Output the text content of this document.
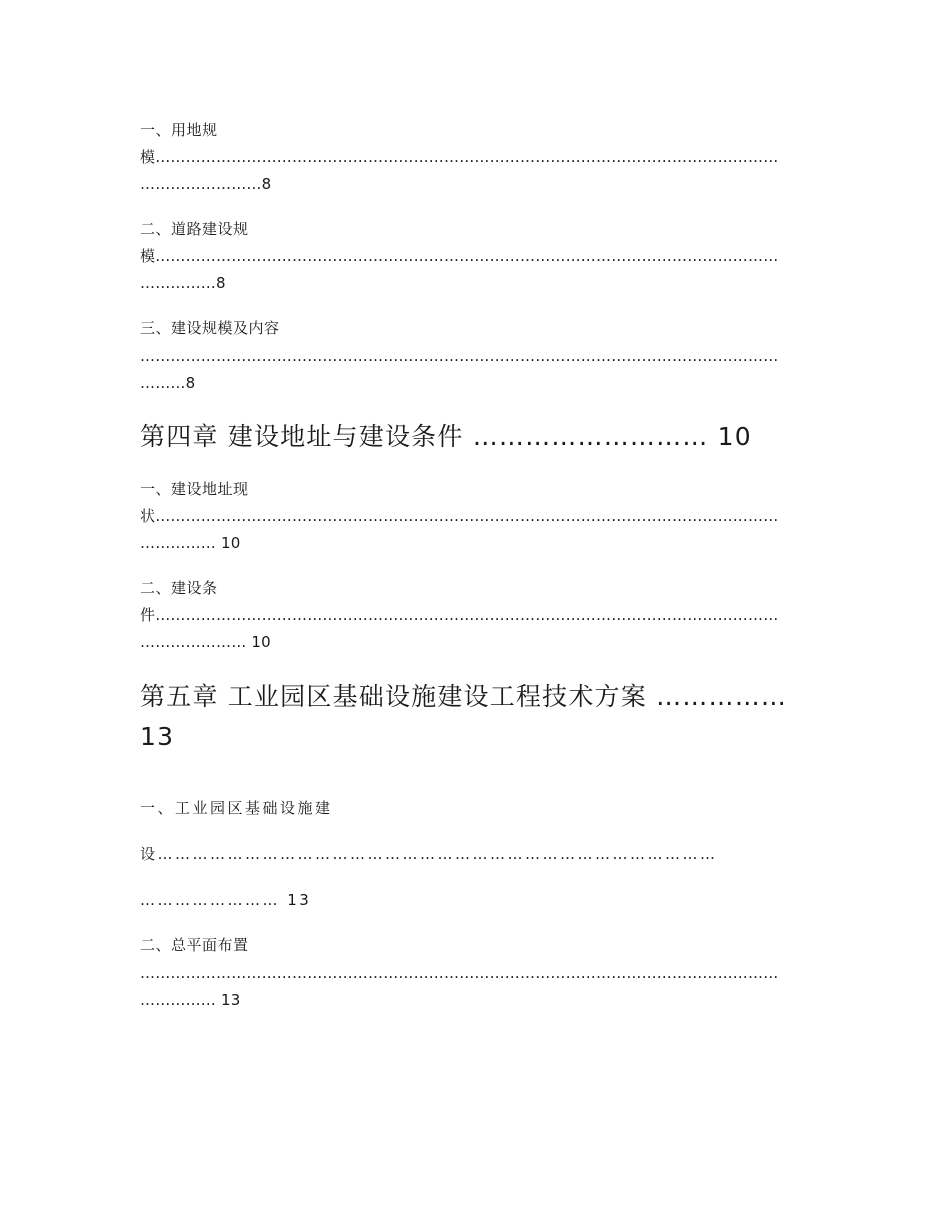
一、用地规
模……………………………………………………………………………………………………………
……………………8
二、道路建设规
模……………………………………………………………………………………………………………
……………8
三、建设规模及内容
………………………………………………………………………………………………………………
………8
第四章 建设地址与建设条件 ……………………… 10
一、建设地址现
状……………………………………………………………………………………………………………
…………… 10
二、建设条
件……………………………………………………………………………………………………………
………………… 10
第五章 工业园区基础设施建设工程技术方案 ……………
13
一、工业园区基础设施建
设……………………………………………………………………………………
…………………… 13
二、总平面布置
………………………………………………………………………………………………………………
…………… 13
